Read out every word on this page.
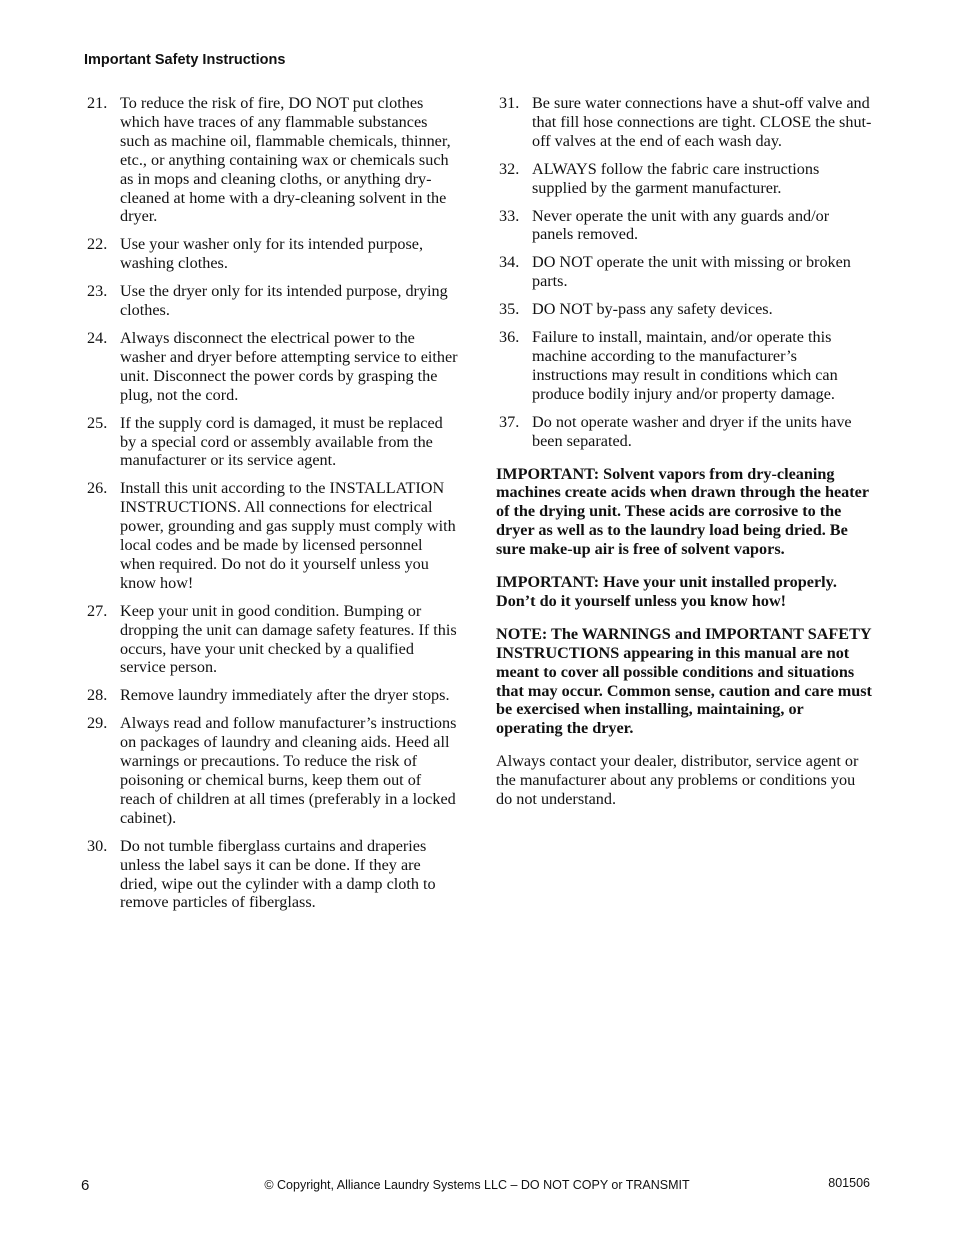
Important Safety Instructions
21. To reduce the risk of fire, DO NOT put clothes which have traces of any flammable substances such as machine oil, flammable chemicals, thinner, etc., or anything containing wax or chemicals such as in mops and cleaning cloths, or anything dry-cleaned at home with a dry-cleaning solvent in the dryer.
22. Use your washer only for its intended purpose, washing clothes.
23. Use the dryer only for its intended purpose, drying clothes.
24. Always disconnect the electrical power to the washer and dryer before attempting service to either unit. Disconnect the power cords by grasping the plug, not the cord.
25. If the supply cord is damaged, it must be replaced by a special cord or assembly available from the manufacturer or its service agent.
26. Install this unit according to the INSTALLATION INSTRUCTIONS. All connections for electrical power, grounding and gas supply must comply with local codes and be made by licensed personnel when required. Do not do it yourself unless you know how!
27. Keep your unit in good condition. Bumping or dropping the unit can damage safety features. If this occurs, have your unit checked by a qualified service person.
28. Remove laundry immediately after the dryer stops.
29. Always read and follow manufacturer’s instructions on packages of laundry and cleaning aids. Heed all warnings or precautions. To reduce the risk of poisoning or chemical burns, keep them out of reach of children at all times (preferably in a locked cabinet).
30. Do not tumble fiberglass curtains and draperies unless the label says it can be done. If they are dried, wipe out the cylinder with a damp cloth to remove particles of fiberglass.
31. Be sure water connections have a shut-off valve and that fill hose connections are tight. CLOSE the shut-off valves at the end of each wash day.
32. ALWAYS follow the fabric care instructions supplied by the garment manufacturer.
33. Never operate the unit with any guards and/or panels removed.
34. DO NOT operate the unit with missing or broken parts.
35. DO NOT by-pass any safety devices.
36. Failure to install, maintain, and/or operate this machine according to the manufacturer’s instructions may result in conditions which can produce bodily injury and/or property damage.
37. Do not operate washer and dryer if the units have been separated.

IMPORTANT: Solvent vapors from dry-cleaning machines create acids when drawn through the heater of the drying unit. These acids are corrosive to the dryer as well as to the laundry load being dried. Be sure make-up air is free of solvent vapors.

IMPORTANT: Have your unit installed properly. Don’t do it yourself unless you know how!

NOTE: The WARNINGS and IMPORTANT SAFETY INSTRUCTIONS appearing in this manual are not meant to cover all possible conditions and situations that may occur. Common sense, caution and care must be exercised when installing, maintaining, or operating the dryer.

Always contact your dealer, distributor, service agent or the manufacturer about any problems or conditions you do not understand.

6	© Copyright, Alliance Laundry Systems LLC – DO NOT COPY or TRANSMIT	801506
